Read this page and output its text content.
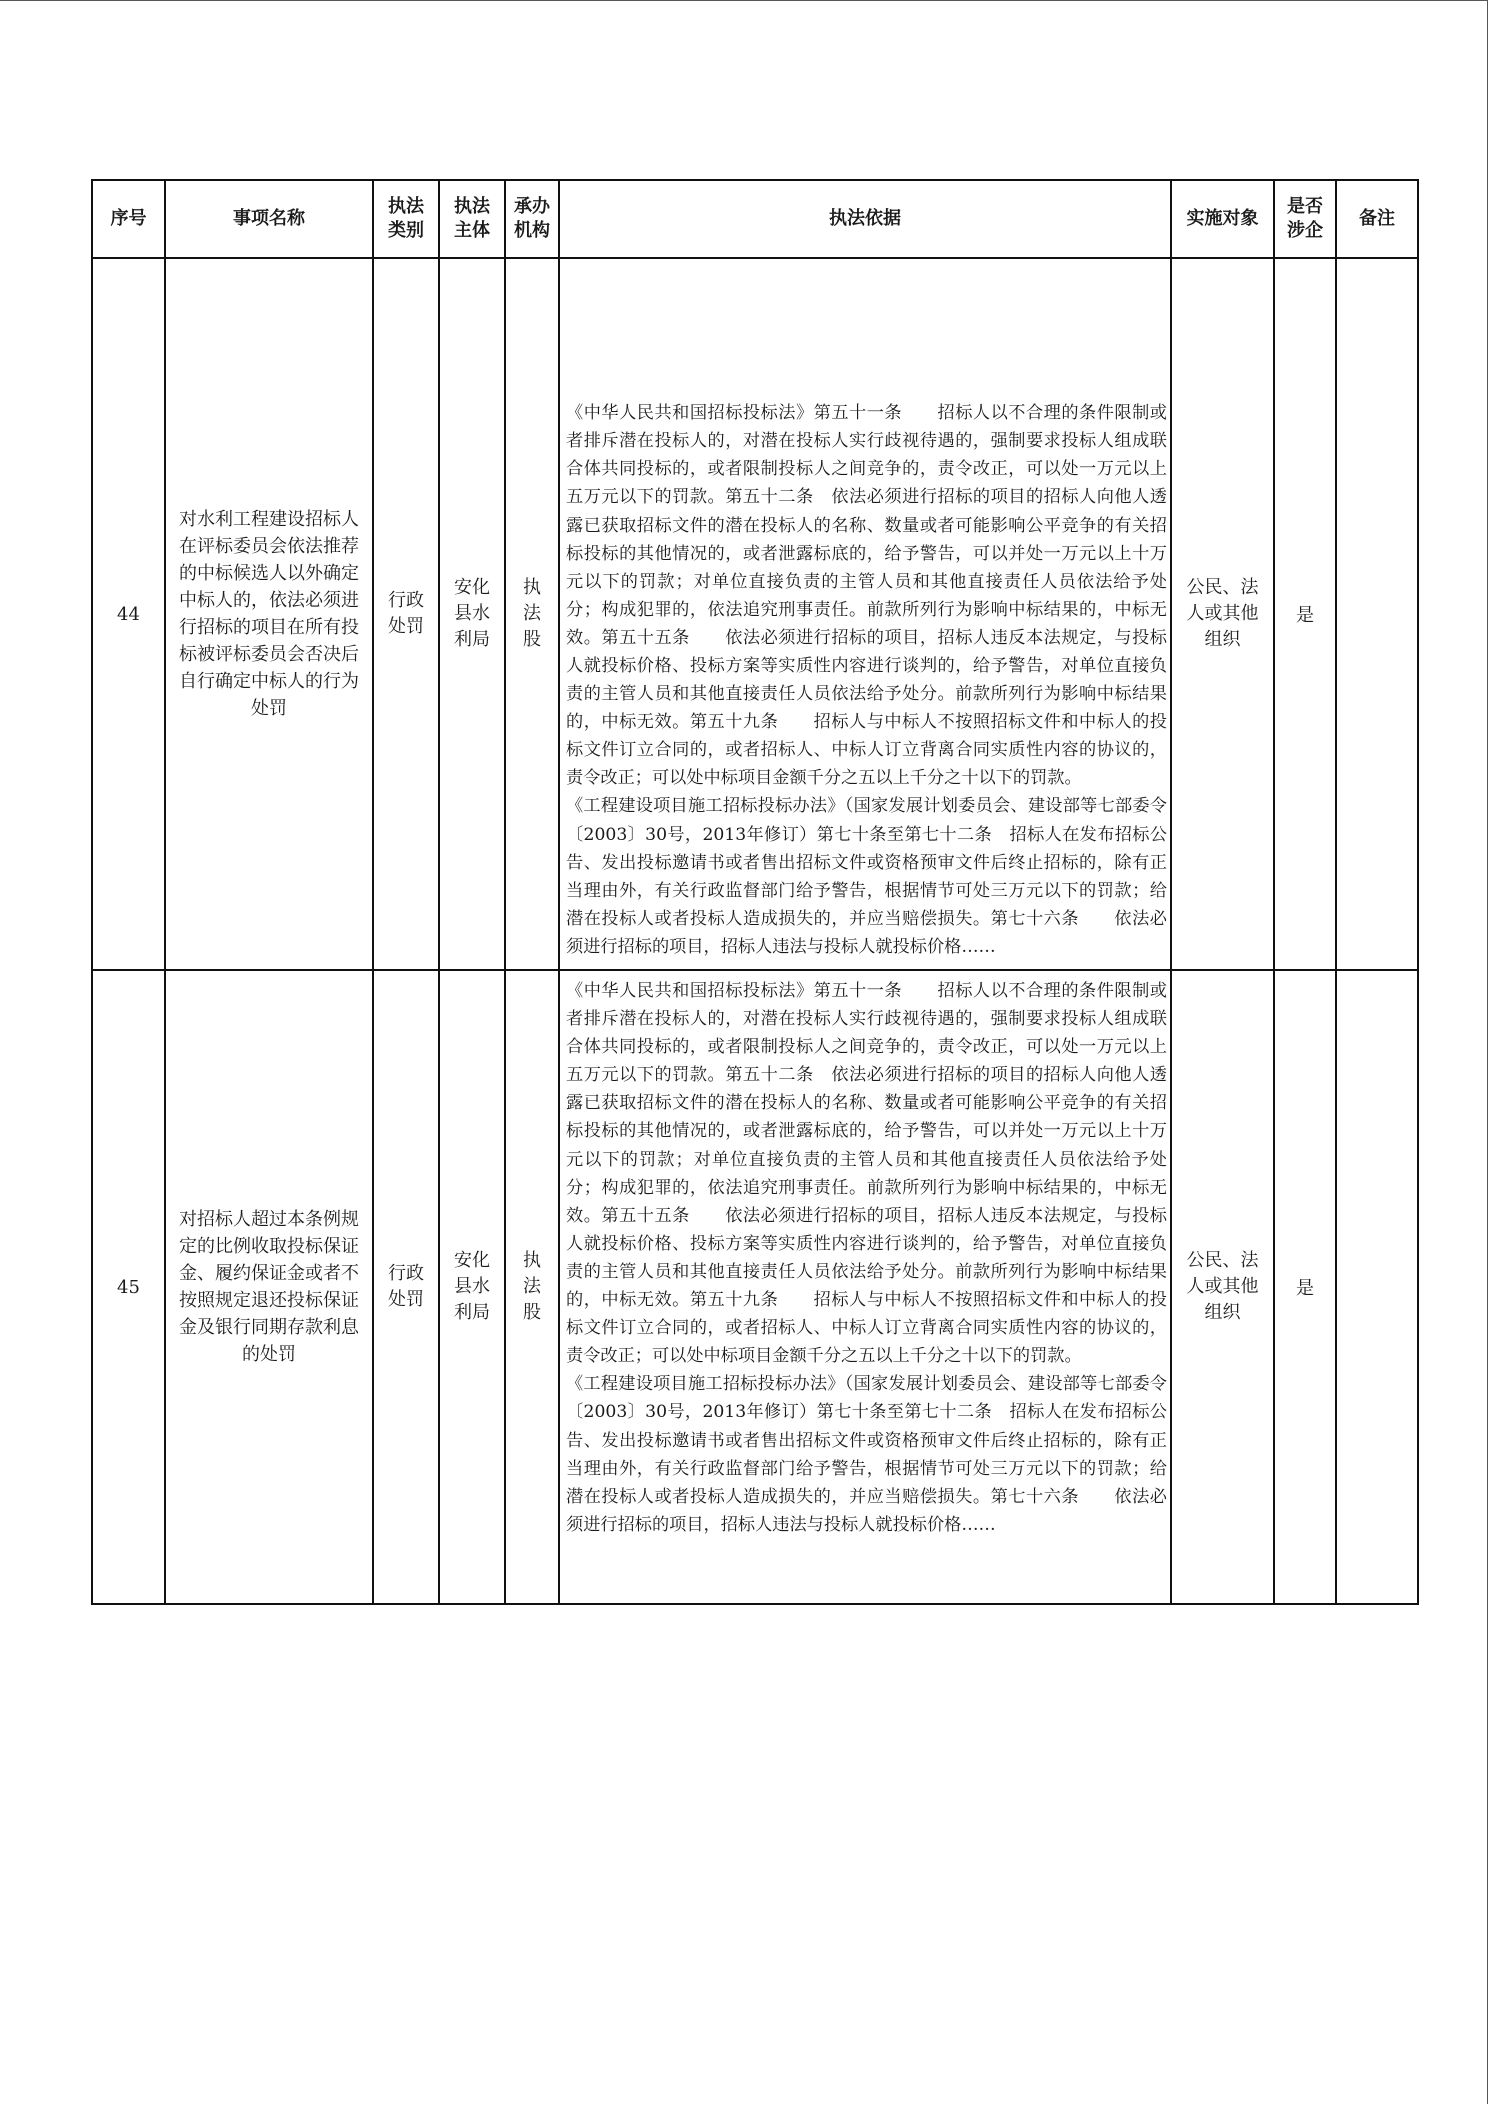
序号	事项名称	执法类别	执法主体	承办机构	执法依据	实施对象	是否涉企	备注
44	对水利工程建设招标人在评标委员会依法推荐的中标候选人以外确定中标人的，依法必须进行招标的项目在所有投标被评标委员会否决后自行确定中标人的行为处罚	行政处罚	安化县水利局	执法股	《中华人民共和国招标投标法》第五十一条　　招标人以不合理的条件限制或者排斥潜在投标人的，对潜在投标人实行歧视待遇的，强制要求投标人组成联合体共同投标的，或者限制投标人之间竞争的，责令改正，可以处一万元以上五万元以下的罚款。第五十二条　依法必须进行招标的项目的招标人向他人透露已获取招标文件的潜在投标人的名称、数量或者可能影响公平竞争的有关招标投标的其他情况的，或者泄露标底的，给予警告，可以并处一万元以上十万元以下的罚款；对单位直接负责的主管人员和其他直接责任人员依法给予处分；构成犯罪的，依法追究刑事责任。前款所列行为影响中标结果的，中标无效。第五十五条　　依法必须进行招标的项目，招标人违反本法规定，与投标人就投标价格、投标方案等实质性内容进行谈判的，给予警告，对单位直接负责的主管人员和其他直接责任人员依法给予处分。前款所列行为影响中标结果的，中标无效。第五十九条　　招标人与中标人不按照招标文件和中标人的投标文件订立合同的，或者招标人、中标人订立背离合同实质性内容的协议的，责令改正；可以处中标项目金额千分之五以上千分之十以下的罚款。

《工程建设项目施工招标投标办法》（国家发展计划委员会、建设部等七部委令〔2003〕30号，2013年修订）第七十条至第七十二条　招标人在发布招标公告、发出投标邀请书或者售出招标文件或资格预审文件后终止招标的，除有正当理由外，有关行政监督部门给予警告，根据情节可处三万元以下的罚款；给潜在投标人或者投标人造成损失的，并应当赔偿损失。第七十六条　　依法必须进行招标的项目，招标人违法与投标人就投标价格……	公民、法人或其他组织	是	
45	对招标人超过本条例规定的比例收取投标保证金、履约保证金或者不按照规定退还投标保证金及银行同期存款利息的处罚	行政处罚	安化县水利局	执法股	《中华人民共和国招标投标法》第五十一条　　招标人以不合理的条件限制或者排斥潜在投标人的，对潜在投标人实行歧视待遇的，强制要求投标人组成联合体共同投标的，或者限制投标人之间竞争的，责令改正，可以处一万元以上五万元以下的罚款。第五十二条　依法必须进行招标的项目的招标人向他人透露已获取招标文件的潜在投标人的名称、数量或者可能影响公平竞争的有关招标投标的其他情况的，或者泄露标底的，给予警告，可以并处一万元以上十万元以下的罚款；对单位直接负责的主管人员和其他直接责任人员依法给予处分；构成犯罪的，依法追究刑事责任。前款所列行为影响中标结果的，中标无效。第五十五条　　依法必须进行招标的项目，招标人违反本法规定，与投标人就投标价格、投标方案等实质性内容进行谈判的，给予警告，对单位直接负责的主管人员和其他直接责任人员依法给予处分。前款所列行为影响中标结果的，中标无效。第五十九条　　招标人与中标人不按照招标文件和中标人的投标文件订立合同的，或者招标人、中标人订立背离合同实质性内容的协议的，责令改正；可以处中标项目金额千分之五以上千分之十以下的罚款。

《工程建设项目施工招标投标办法》（国家发展计划委员会、建设部等七部委令〔2003〕30号，2013年修订）第七十条至第七十二条　招标人在发布招标公告、发出投标邀请书或者售出招标文件或资格预审文件后终止招标的，除有正当理由外，有关行政监督部门给予警告，根据情节可处三万元以下的罚款；给潜在投标人或者投标人造成损失的，并应当赔偿损失。第七十六条　　依法必须进行招标的项目，招标人违法与投标人就投标价格……	公民、法人或其他组织	是	
